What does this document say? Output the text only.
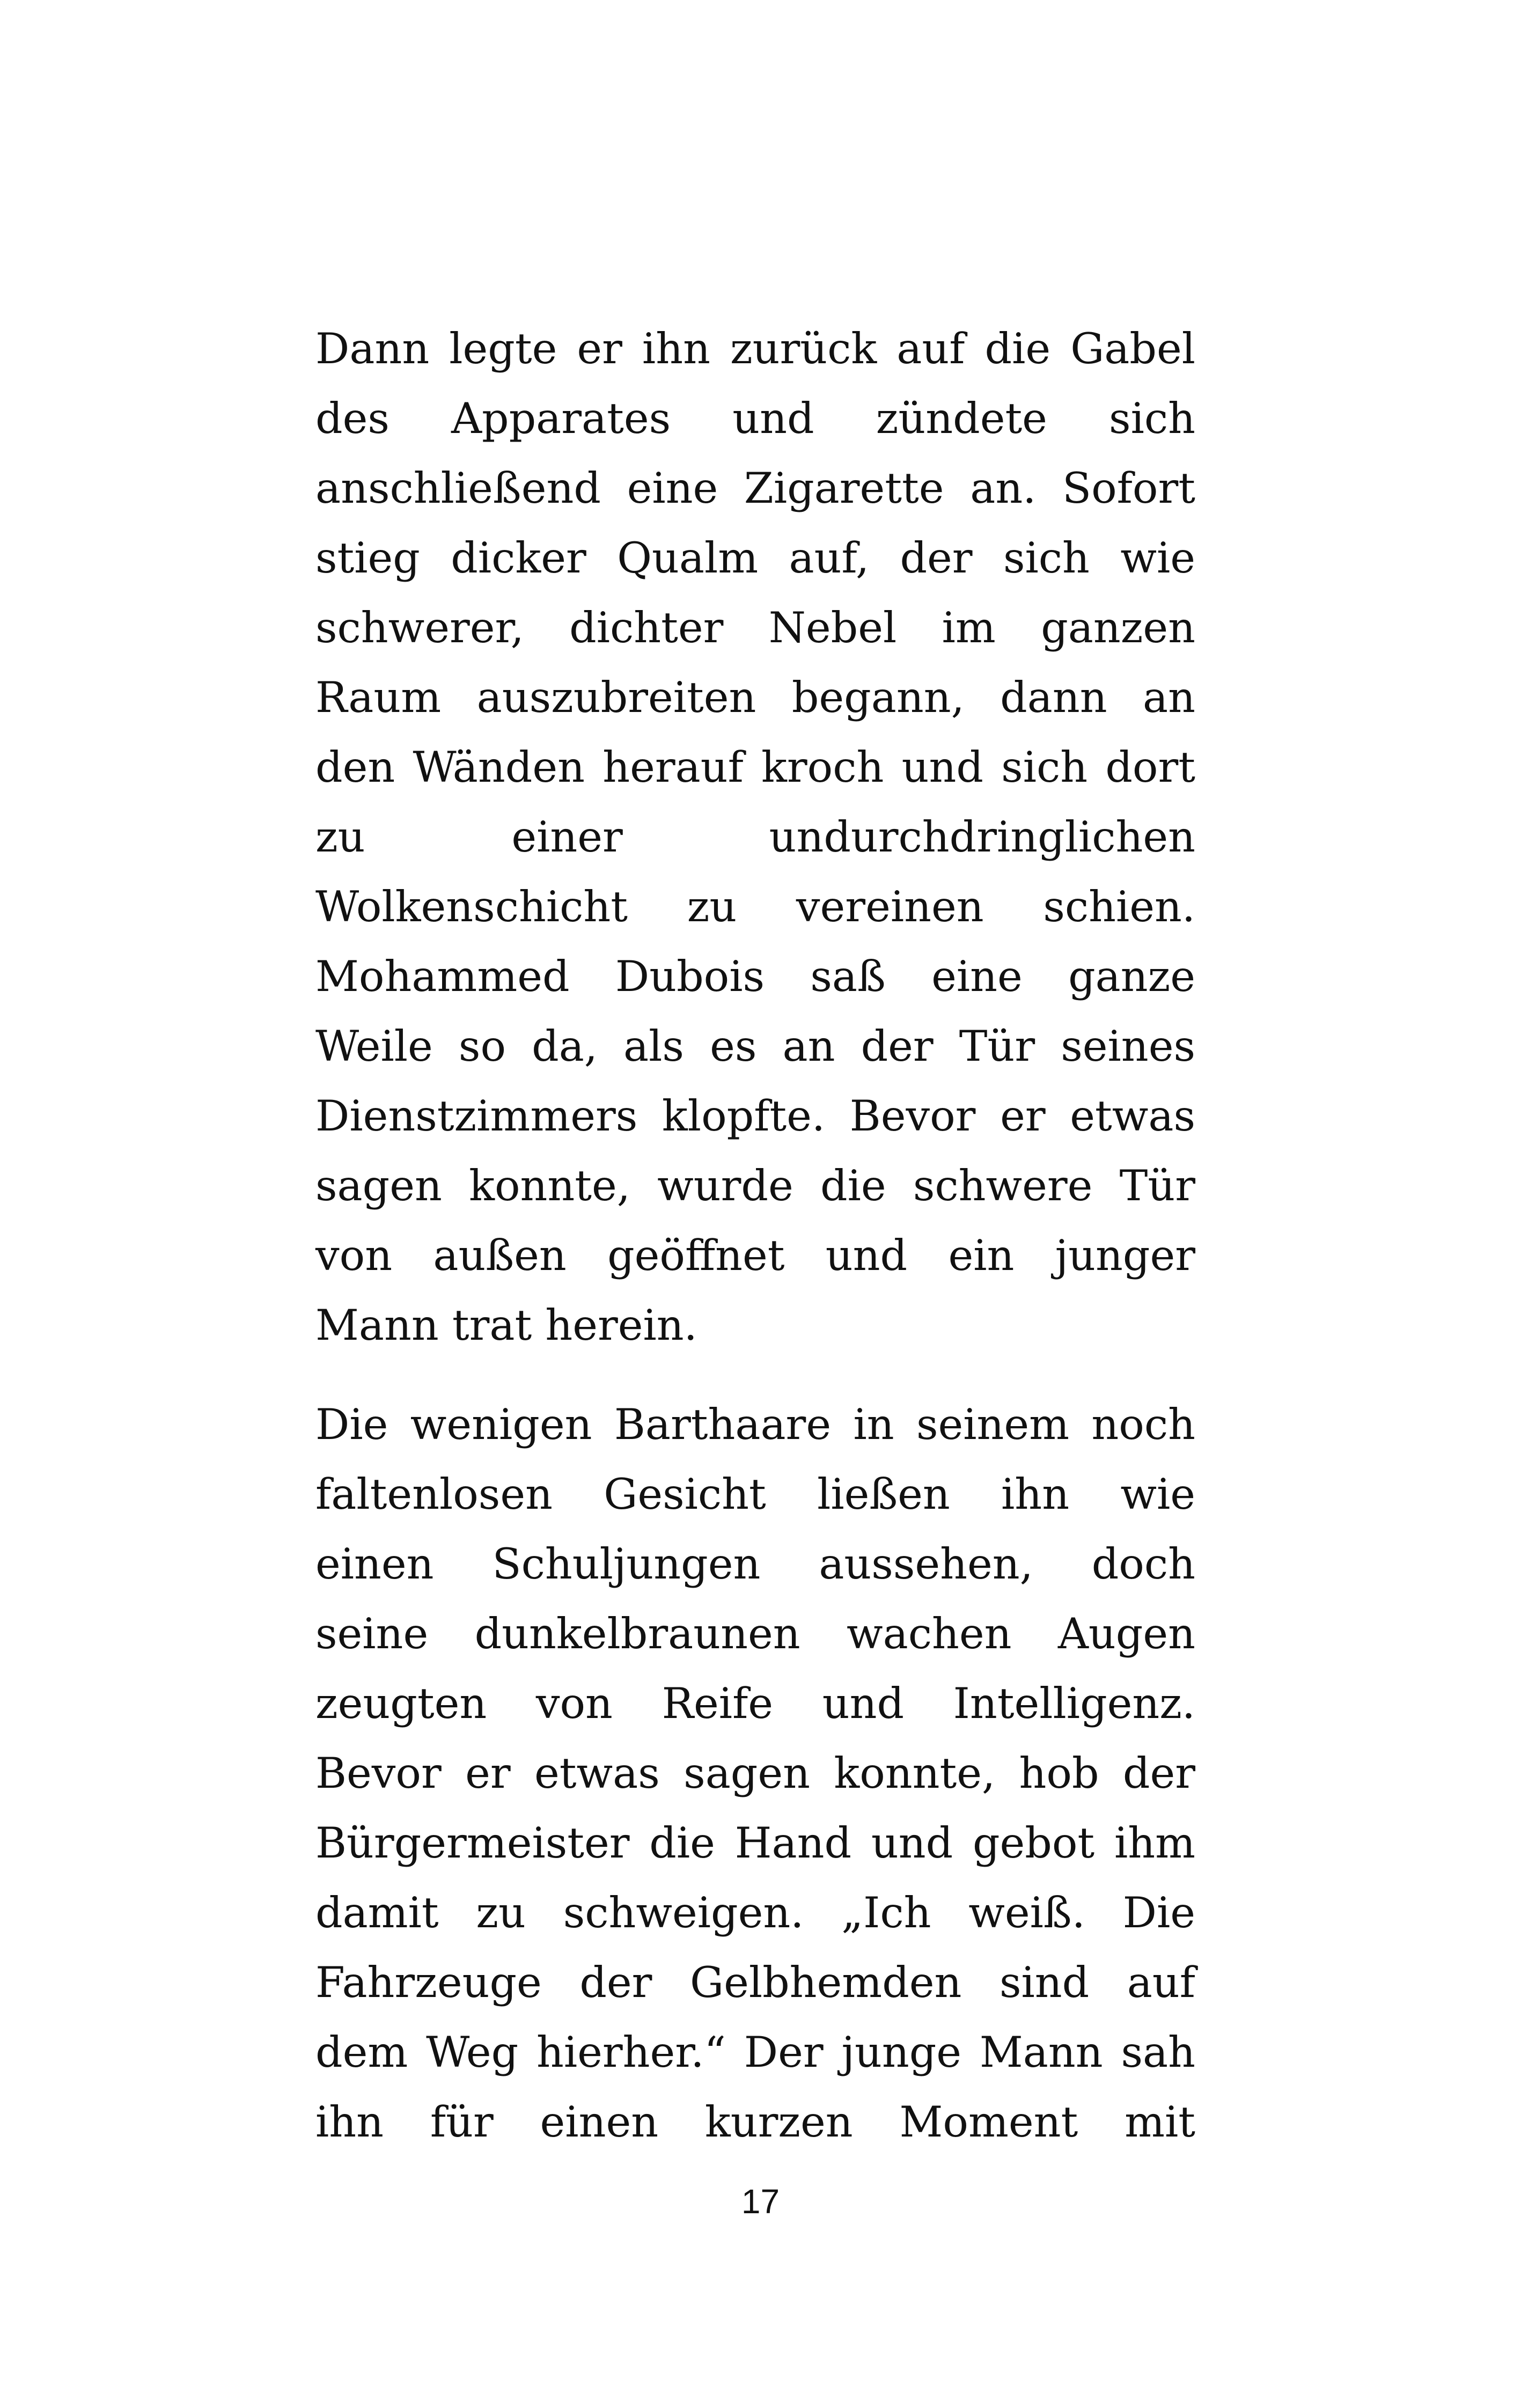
Dann legte er ihn zurück auf die Gabel
des Apparates und zündete sich
anschließend eine Zigarette an. Sofort
stieg dicker Qualm auf, der sich wie
schwerer, dichter Nebel im ganzen
Raum auszubreiten begann, dann an
den Wänden herauf kroch und sich dort
zu einer undurchdringlichen
Wolkenschicht zu vereinen schien.
Mohammed Dubois saß eine ganze
Weile so da, als es an der Tür seines
Dienstzimmers klopfte. Bevor er etwas
sagen konnte, wurde die schwere Tür
von außen geöffnet und ein junger
Mann trat herein.
Die wenigen Barthaare in seinem noch
faltenlosen Gesicht ließen ihn wie
einen Schuljungen aussehen, doch
seine dunkelbraunen wachen Augen
zeugten von Reife und Intelligenz.
Bevor er etwas sagen konnte, hob der
Bürgermeister die Hand und gebot ihm
damit zu schweigen. „Ich weiß. Die
Fahrzeuge der Gelbhemden sind auf
dem Weg hierher.“ Der junge Mann sah
ihn für einen kurzen Moment mit
17
